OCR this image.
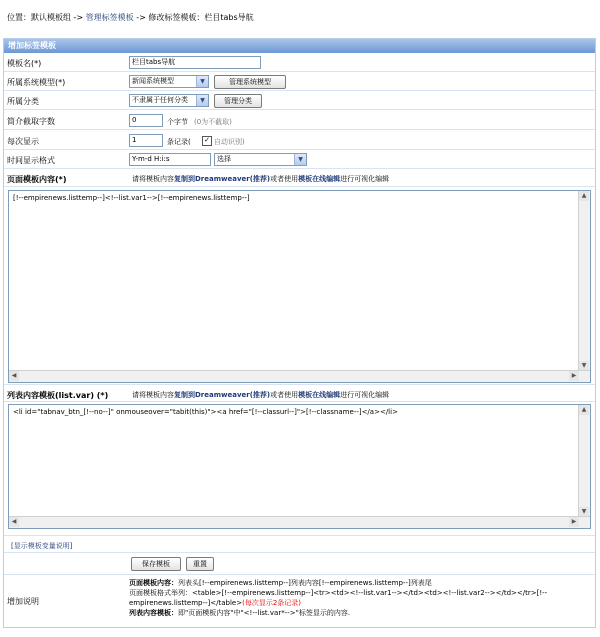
位置：默认模板组 -> 管理标签模板 -> 修改标签模板：栏目tabs导航
增加标签模板
模板名(*)	栏目tabs导航
所属系统模型(*)	新闻系统模型	▼	管理系统模型
所属分类	不隶属于任何分类	▼	管理分类
简介截取字数	0	个字节 (0为不截取)
每次显示	1	条记录( ✓ 自动识别)
时间显示格式	Y-m-d H:i:s	选择	▼
页面模板内容(*)	请将模板内容复制到Dreamweaver(推荐)或者使用模板在线编辑进行可视化编辑
[!--empirenews.listtemp--]<!--list.var1-->[!--empirenews.listtemp--]	▲
▼
◀	▶
列表内容模板(list.var) (*)	请将模板内容复制到Dreamweaver(推荐)或者使用模板在线编辑进行可视化编辑
<li id="tabnav_btn_[!--no--]" onmouseover="tabit(this)"><a href="[!--classurl--]">[!--classname--]</a></li>	▲
▼
◀	▶
[显示模板变量说明]
保存模板	重置
增加说明
页面模板内容：列表头[!--empirenews.listtemp--]列表内容[!--empirenews.listtemp--]列表尾
页面模板格式举列：<table>[!--empirenews.listtemp--]<tr><td><!--list.var1--></td><td><!--list.var2--></td></tr>[!--empirenews.listtemp--]</table>(每次显示2条记录)
列表内容模板：即"页面模板内容"中"<!--list.var*-->"标签显示的内容.
